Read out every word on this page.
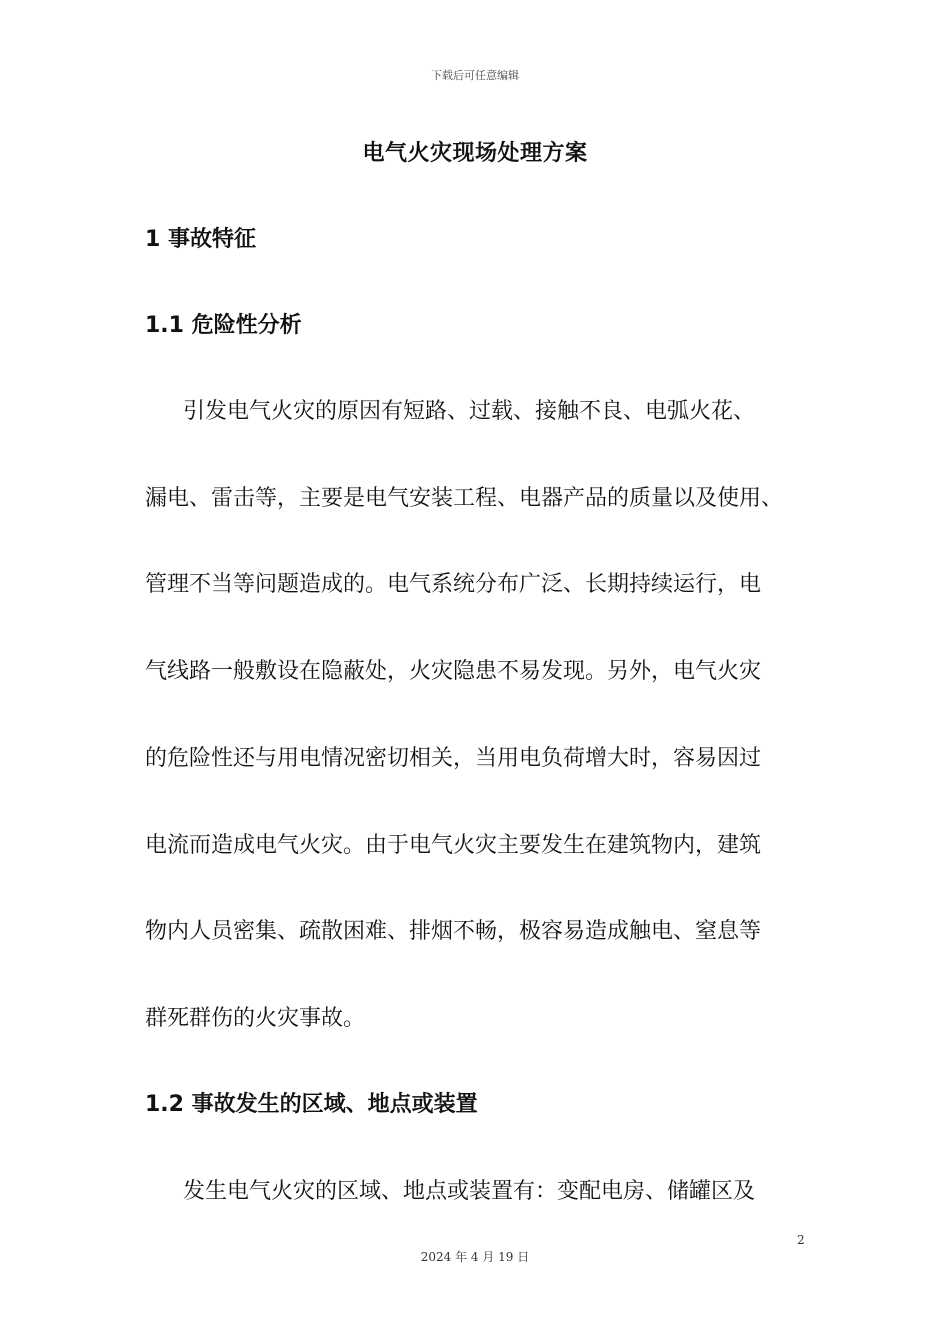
下载后可任意编辑
电气火灾现场处理方案
1 事故特征
1.1 危险性分析
引发电气火灾的原因有短路、过载、接触不良、电弧火花、
漏电、雷击等，主要是电气安装工程、电器产品的质量以及使用、
管理不当等问题造成的。电气系统分布广泛、长期持续运行，电
气线路一般敷设在隐蔽处，火灾隐患不易发现。另外，电气火灾
的危险性还与用电情况密切相关，当用电负荷增大时，容易因过
电流而造成电气火灾。由于电气火灾主要发生在建筑物内，建筑
物内人员密集、疏散困难、排烟不畅，极容易造成触电、窒息等
群死群伤的火灾事故。
1.2 事故发生的区域、地点或装置
发生电气火灾的区域、地点或装置有：变配电房、储罐区及
2
2024 年 4 月 19 日
